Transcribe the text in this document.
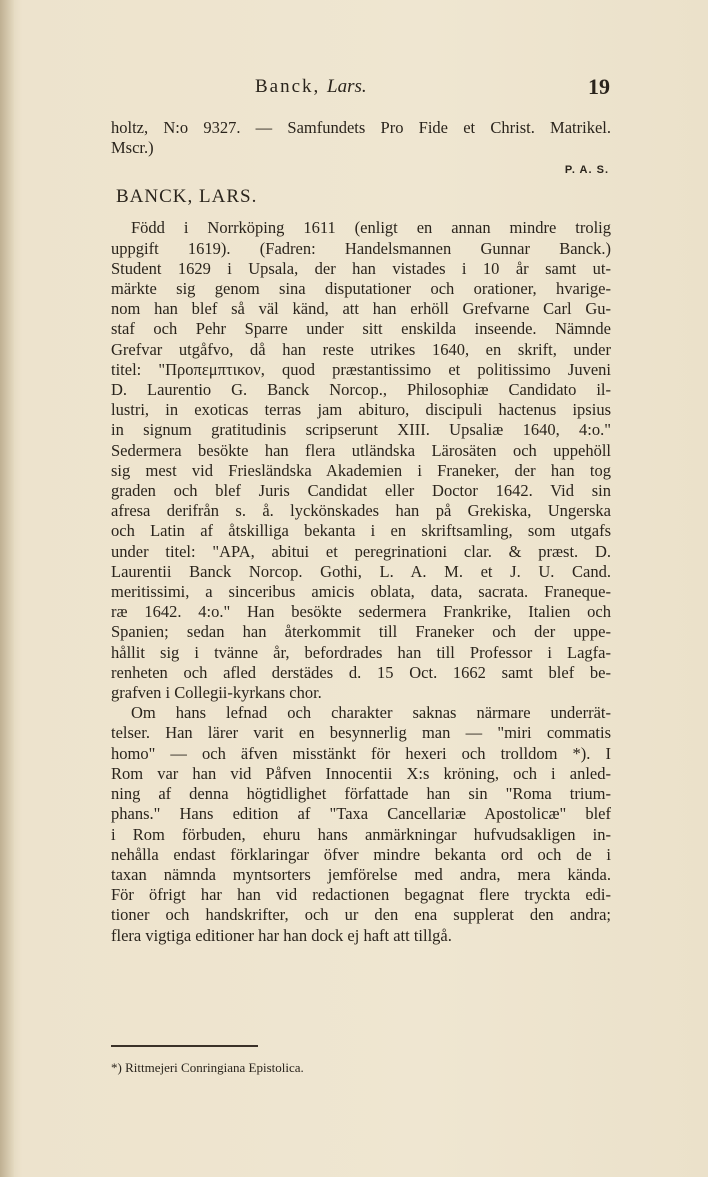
Banck, Lars.	19
holtz, N:o 9327. — Samfundets Pro Fide et Christ. Matrikel.
Mscr.)
P. A. S.
BANCK, LARS.
Född i Norrköping 1611 (enligt en annan mindre trolig
uppgift 1619). (Fadren: Handelsmannen Gunnar Banck.)
Student 1629 i Upsala, der han vistades i 10 år samt ut-
märkte sig genom sina disputationer och orationer, hvarige-
nom han blef så väl känd, att han erhöll Grefvarne Carl Gu-
staf och Pehr Sparre under sitt enskilda inseende. Nämnde
Grefvar utgåfvo, då han reste utrikes 1640, en skrift, under
titel: "Προπεμπτικον, quod præstantissimo et politissimo Juveni
D. Laurentio G. Banck Norcop., Philosophiæ Candidato il-
lustri, in exoticas terras jam abituro, discipuli hactenus ipsius
in signum gratitudinis scripserunt XIII. Upsaliæ 1640, 4:o."
Sedermera besökte han flera utländska Lärosäten och uppehöll
sig mest vid Friesländska Akademien i Franeker, der han tog
graden och blef Juris Candidat eller Doctor 1642. Vid sin
afresa derifrån s. å. lyckönskades han på Grekiska, Ungerska
och Latin af åtskilliga bekanta i en skriftsamling, som utgafs
under titel: "ΑΡΑ, abitui et peregrinationi clar. & præst. D.
Laurentii Banck Norcop. Gothi, L. A. M. et J. U. Cand.
meritissimi, a sinceribus amicis oblata, data, sacrata. Franeque-
ræ 1642. 4:o." Han besökte sedermera Frankrike, Italien och
Spanien; sedan han återkommit till Franeker och der uppe-
hållit sig i tvänne år, befordrades han till Professor i Lagfa-
renheten och afled derstädes d. 15 Oct. 1662 samt blef be-
grafven i Collegii-kyrkans chor.
Om hans lefnad och charakter saknas närmare underrät-
telser. Han lärer varit en besynnerlig man — "miri commatis
homo" — och äfven misstänkt för hexeri och trolldom *). I
Rom var han vid Påfven Innocentii X:s kröning, och i anled-
ning af denna högtidlighet författade han sin "Roma trium-
phans." Hans edition af "Taxa Cancellariæ Apostolicæ" blef
i Rom förbuden, ehuru hans anmärkningar hufvudsakligen in-
nehålla endast förklaringar öfver mindre bekanta ord och de i
taxan nämnda myntsorters jemförelse med andra, mera kända.
För öfrigt har han vid redactionen begagnat flere tryckta edi-
tioner och handskrifter, och ur den ena supplerat den andra;
flera vigtiga editioner har han dock ej haft att tillgå.
*) Rittmejeri Conringiana Epistolica.
